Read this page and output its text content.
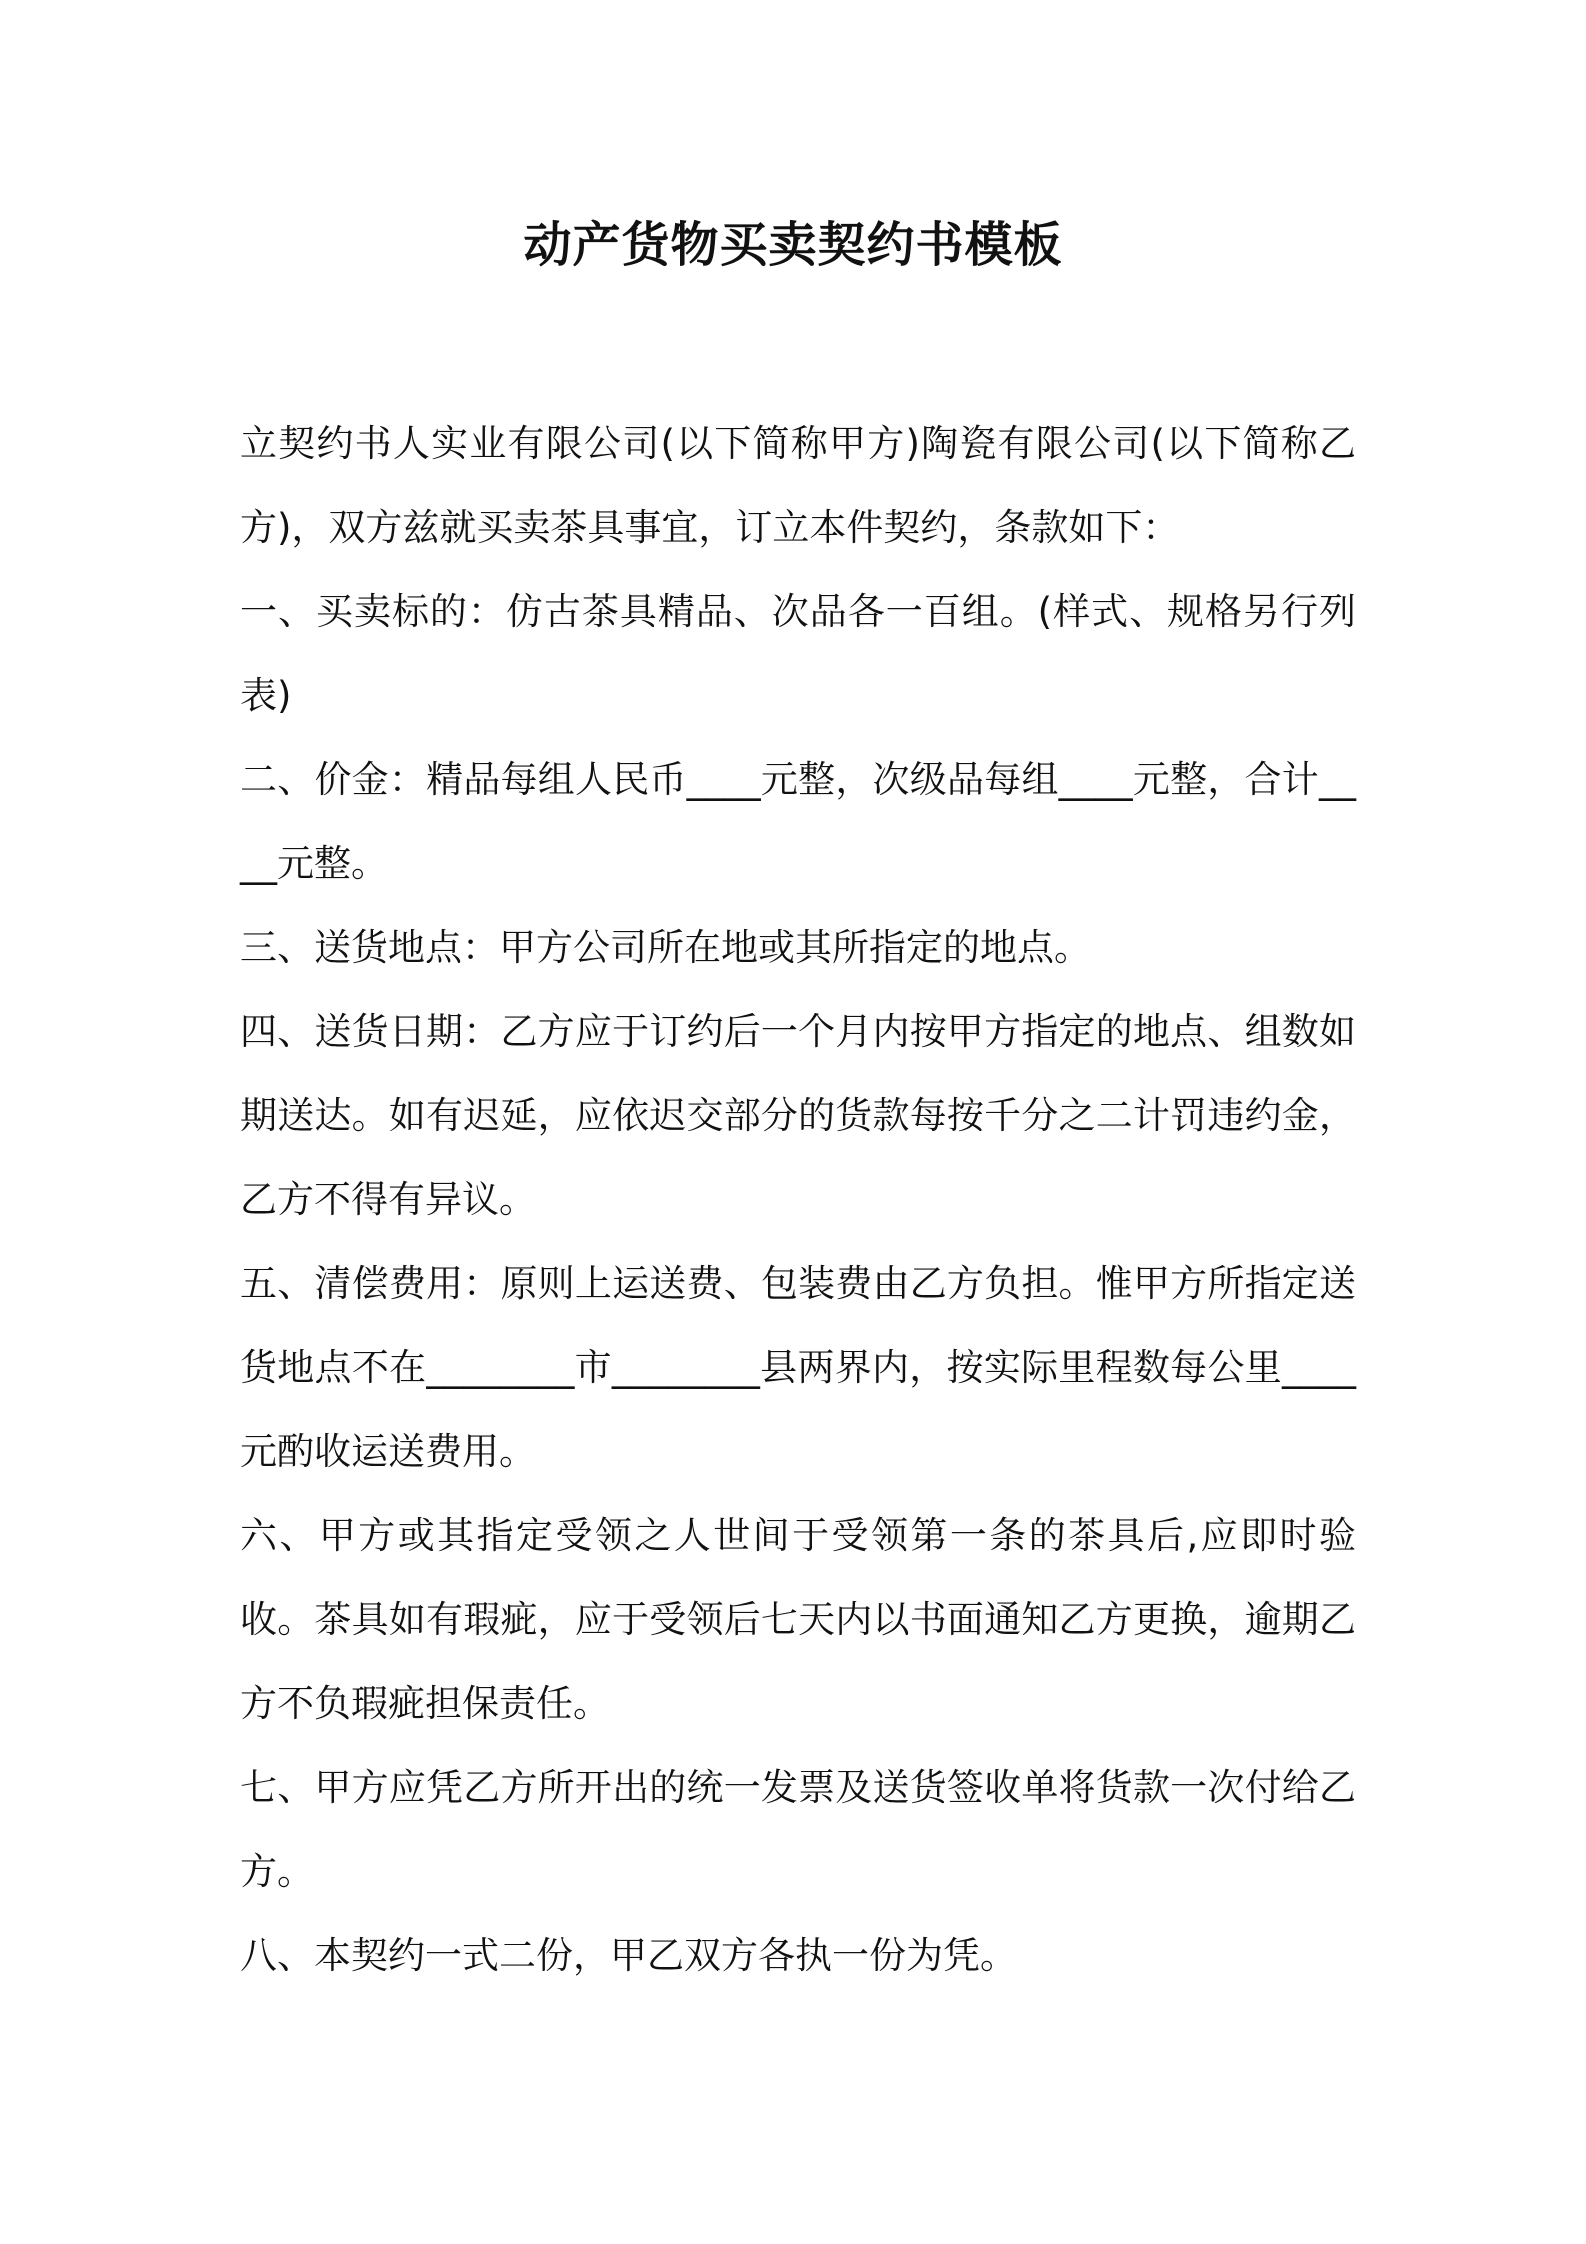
动产货物买卖契约书模板

立契约书人实业有限公司(以下简称甲方)陶瓷有限公司(以下简称乙方)，双方兹就买卖茶具事宜，订立本件契约，条款如下：

一、买卖标的：仿古茶具精品、次品各一百组。(样式、规格另行列表)

二、价金：精品每组人民币____元整，次级品每组____元整，合计____元整。

三、送货地点：甲方公司所在地或其所指定的地点。

四、送货日期：乙方应于订约后一个月内按甲方指定的地点、组数如期送达。如有迟延，应依迟交部分的货款每按千分之二计罚违约金，乙方不得有异议。

五、清偿费用：原则上运送费、包装费由乙方负担。惟甲方所指定送货地点不在________市________县两界内，按实际里程数每公里____元酌收运送费用。

六、甲方或其指定受领之人世间于受领第一条的茶具后,应即时验收。茶具如有瑕疵，应于受领后七天内以书面通知乙方更换，逾期乙方不负瑕疵担保责任。

七、甲方应凭乙方所开出的统一发票及送货签收单将货款一次付给乙方。

八、本契约一式二份，甲乙双方各执一份为凭。
